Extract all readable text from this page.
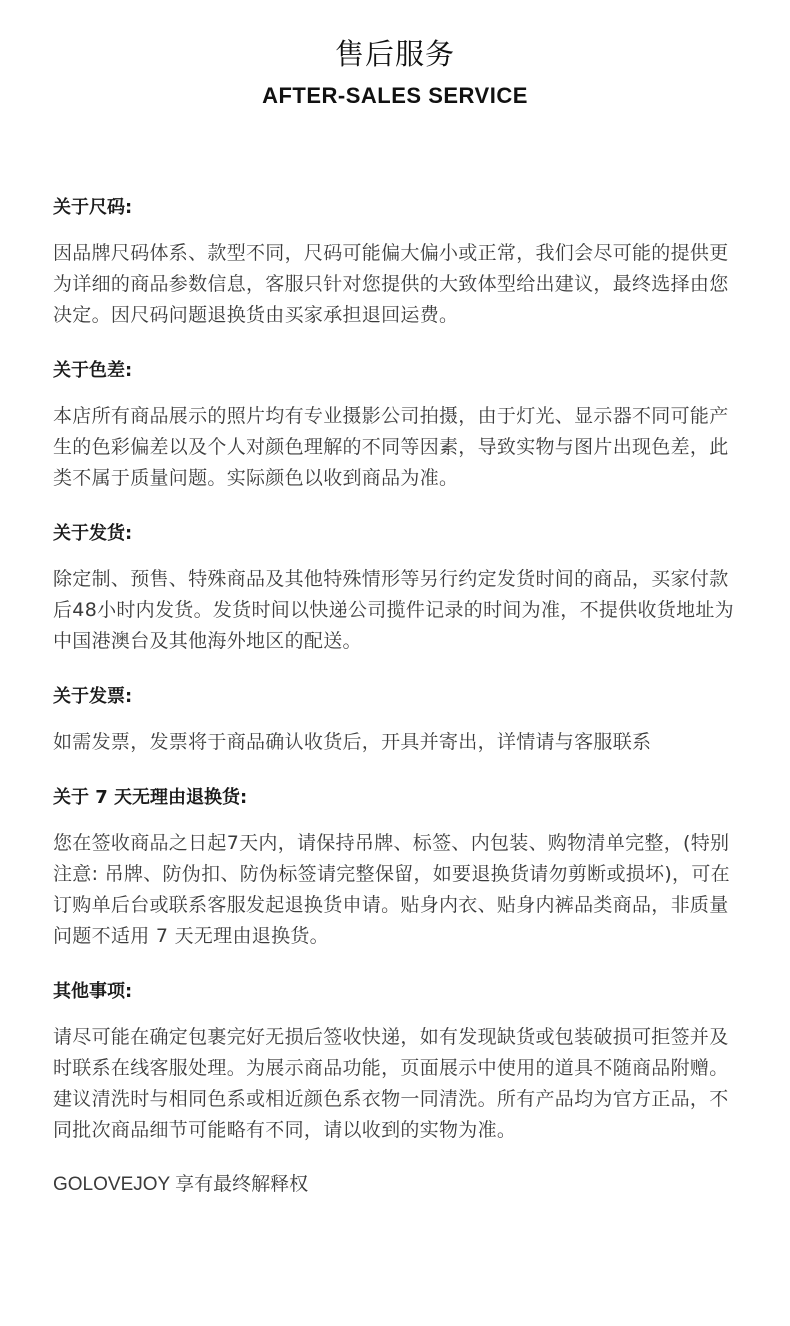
售后服务
AFTER-SALES SERVICE
关于尺码:
因品牌尺码体系、款型不同，尺码可能偏大偏小或正常，我们会尽可能的提供更为详细的商品参数信息，客服只针对您提供的大致体型给出建议，最终选择由您决定。因尺码问题退换货由买家承担退回运费。
关于色差:
本店所有商品展示的照片均有专业摄影公司拍摄，由于灯光、显示器不同可能产生的色彩偏差以及个人对颜色理解的不同等因素，导致实物与图片出现色差，此类不属于质量问题。实际颜色以收到商品为准。
关于发货:
除定制、预售、特殊商品及其他特殊情形等另行约定发货时间的商品，买家付款后48小时内发货。发货时间以快递公司揽件记录的时间为准，不提供收货地址为中国港澳台及其他海外地区的配送。
关于发票:
如需发票，发票将于商品确认收货后，开具并寄出，详情请与客服联系
关于 7 天无理由退换货:
您在签收商品之日起7天内，请保持吊牌、标签、内包装、购物清单完整，(特别注意: 吊牌、防伪扣、防伪标签请完整保留，如要退换货请勿剪断或损坏)，可在订购单后台或联系客服发起退换货申请。贴身内衣、贴身内裤品类商品，非质量问题不适用 7 天无理由退换货。
其他事项:
请尽可能在确定包裹完好无损后签收快递，如有发现缺货或包装破损可拒签并及时联系在线客服处理。为展示商品功能，页面展示中使用的道具不随商品附赠。建议清洗时与相同色系或相近颜色系衣物一同清洗。所有产品均为官方正品，不同批次商品细节可能略有不同，请以收到的实物为准。
GOLOVEJOY 享有最终解释权
